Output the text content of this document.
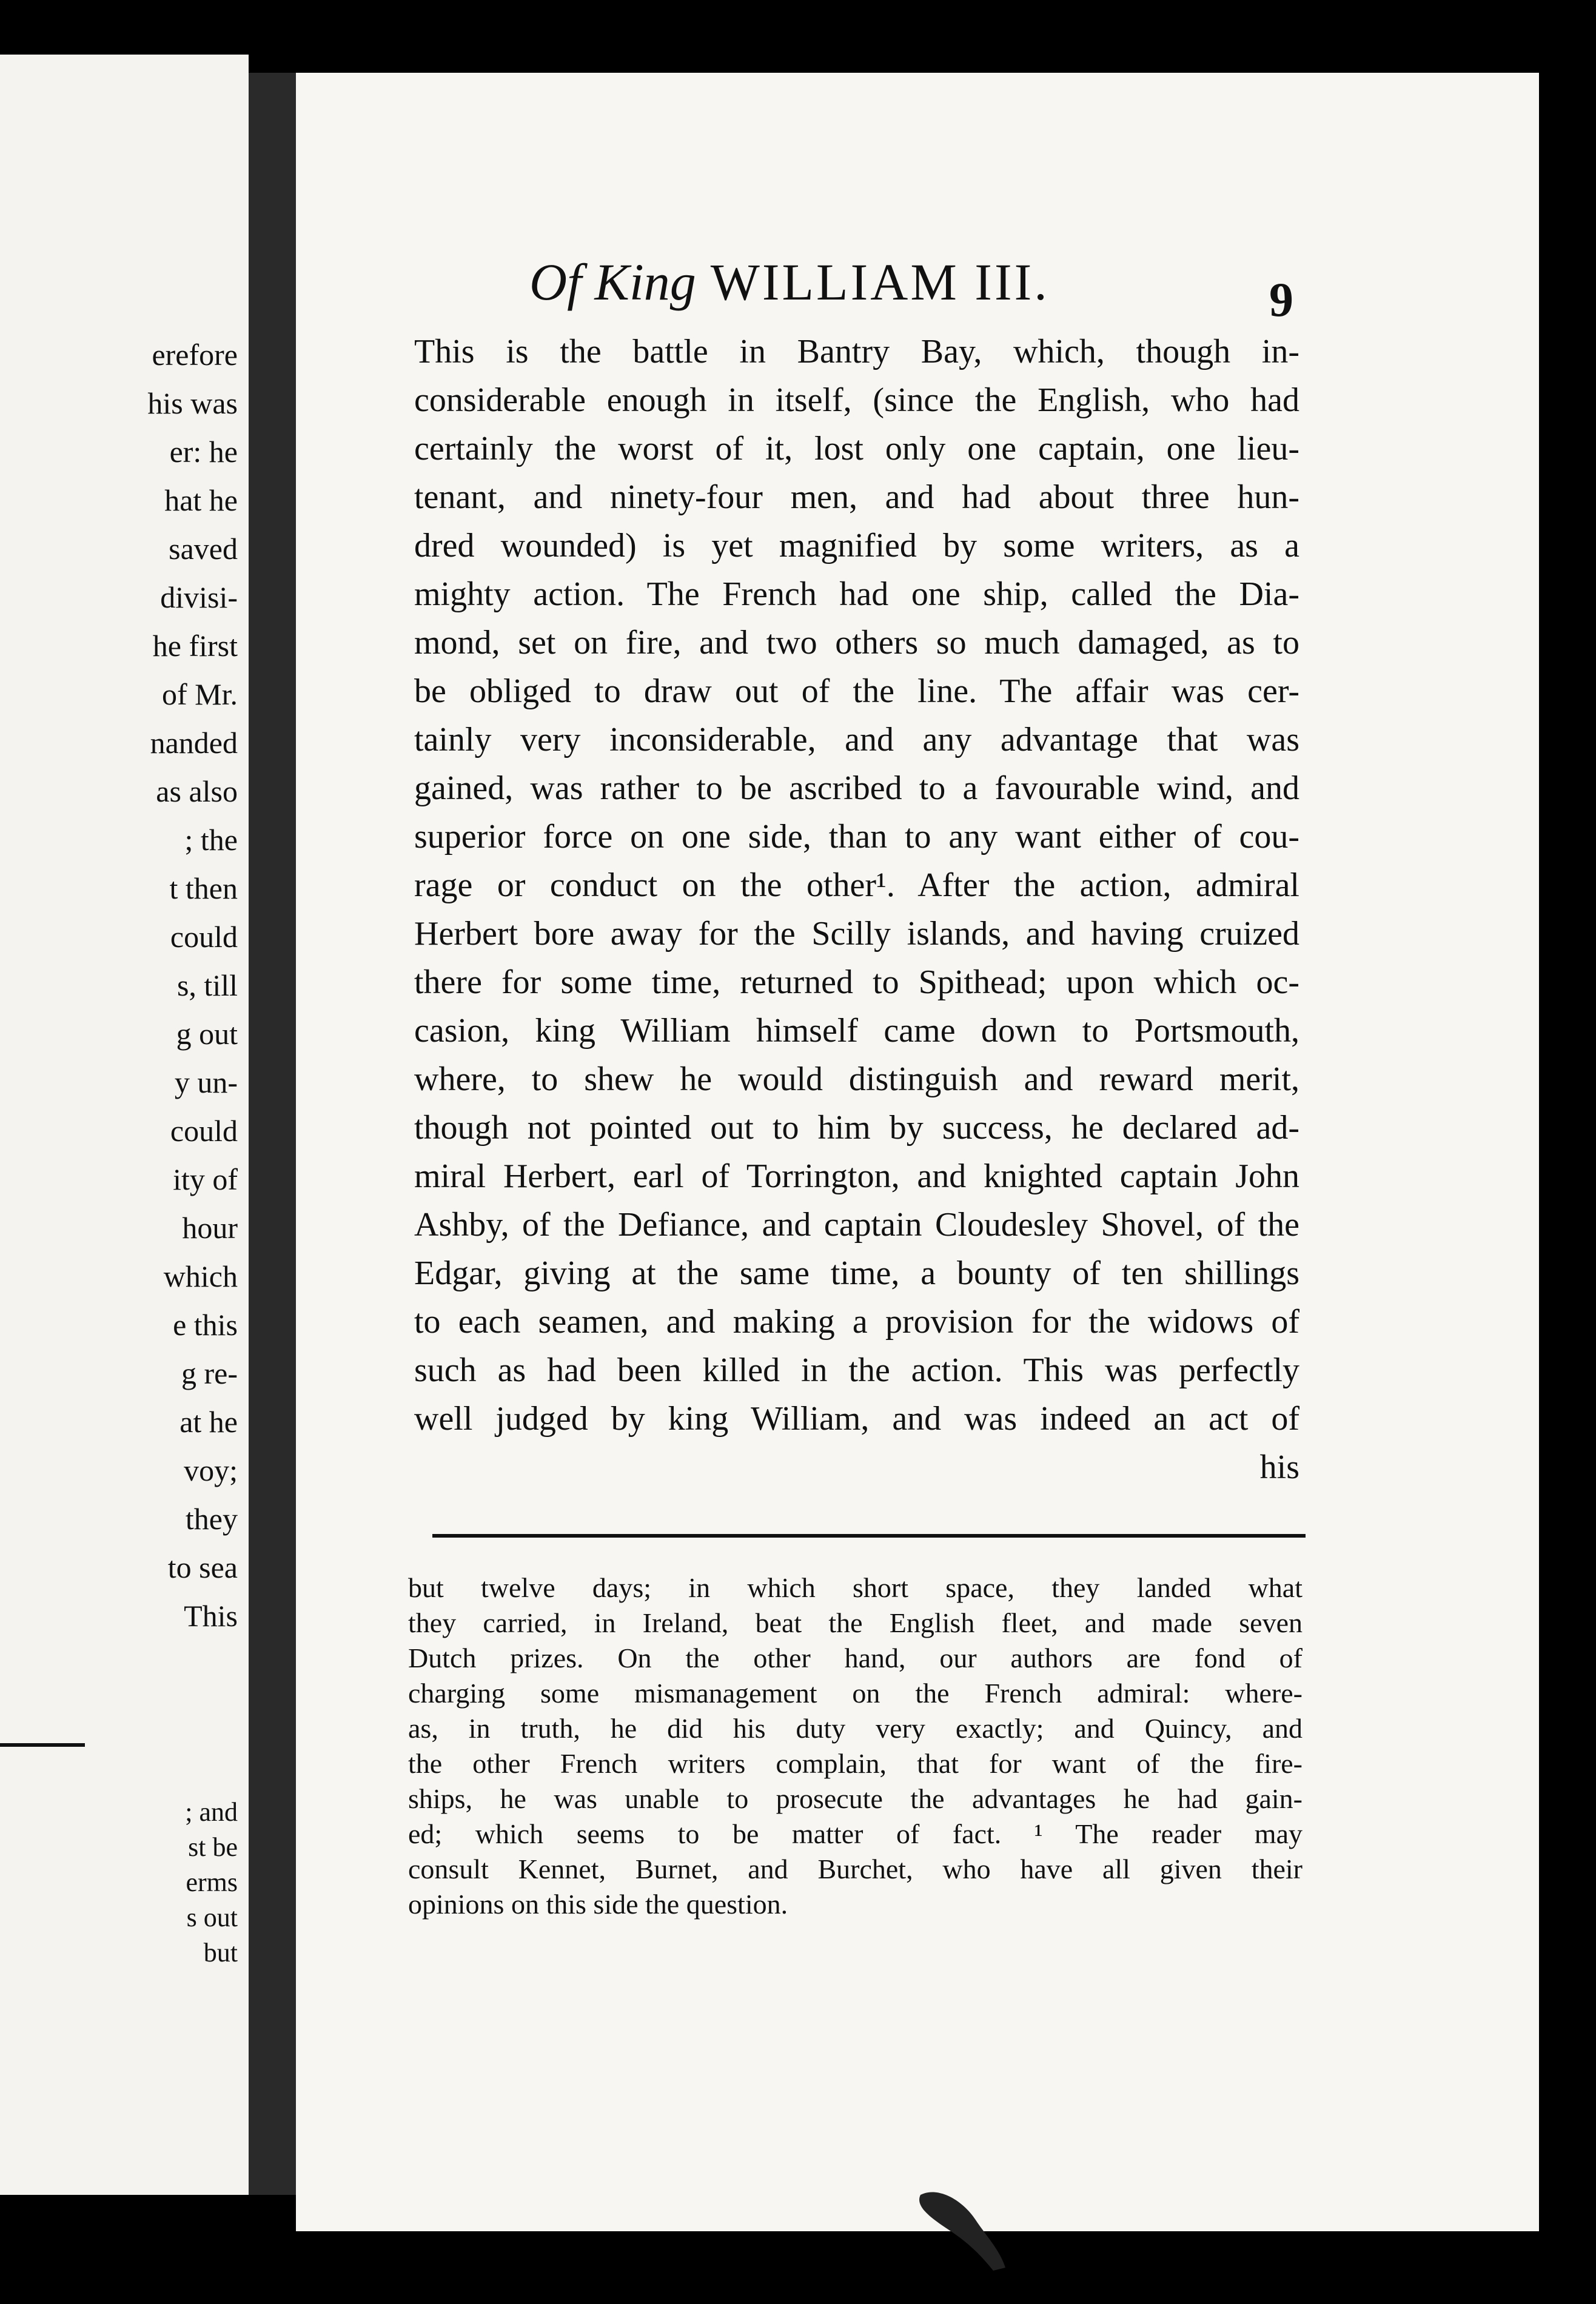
erefore
his was
er: he
hat he
saved
divisi-
he first
of Mr.
nanded
as also
; the
t then
could
s, till
g out
y un-
could
ity of
hour
which
e this
g re-
at he
voy;
they
to sea
This
; and
st be
erms
s out
but
Of King WILLIAM III.	9
This is the battle in Bantry Bay, which, though in-
considerable enough in itself, (since the English, who had
certainly the worst of it, lost only one captain, one lieu-
tenant, and ninety-four men, and had about three hun-
dred wounded) is yet magnified by some writers, as a
mighty action. The French had one ship, called the Dia-
mond, set on fire, and two others so much damaged, as to
be obliged to draw out of the line. The affair was cer-
tainly very inconsiderable, and any advantage that was
gained, was rather to be ascribed to a favourable wind, and
superior force on one side, than to any want either of cou-
rage or conduct on the other¹. After the action, admiral
Herbert bore away for the Scilly islands, and having cruized
there for some time, returned to Spithead; upon which oc-
casion, king William himself came down to Portsmouth,
where, to shew he would distinguish and reward merit,
though not pointed out to him by success, he declared ad-
miral Herbert, earl of Torrington, and knighted captain John
Ashby, of the Defiance, and captain Cloudesley Shovel, of the
Edgar, giving at the same time, a bounty of ten shillings
to each seamen, and making a provision for the widows of
such as had been killed in the action. This was perfectly
well judged by king William, and was indeed an act of
his
but twelve days; in which short space, they landed what
they carried, in Ireland, beat the English fleet, and made seven
Dutch prizes. On the other hand, our authors are fond of
charging some mismanagement on the French admiral: where-
as, in truth, he did his duty very exactly; and Quincy, and
the other French writers complain, that for want of the fire-
ships, he was unable to prosecute the advantages he had gain-
ed; which seems to be matter of fact. ¹ The reader may
consult Kennet, Burnet, and Burchet, who have all given their
opinions on this side the question.
